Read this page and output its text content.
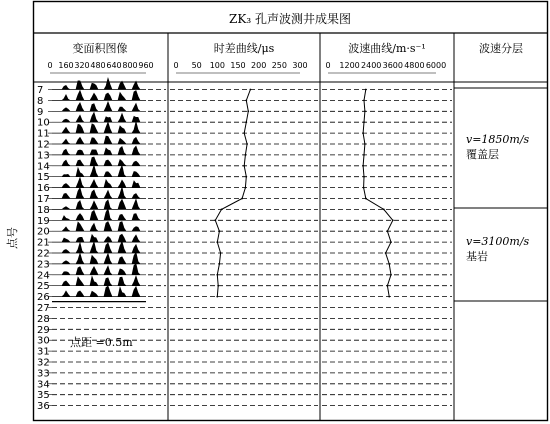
ZK₃ 孔声波测井成果图
变面积图像	时差曲线/μs	波速曲线/m·s⁻¹	波速分层
点号
0 160 320 480 640 800 960 0 50 100 150 200 250 300 0 1200 2400 3600 4800 6000
7
8
9
10
11
12
13
14
15
16
17
18
19
20
21
22
23
24
25
26
27
28
29
30
31
32
33
34
35
36
v=1850m/s
覆盖层
v=3100m/s
基岩
点距 =0.5m
